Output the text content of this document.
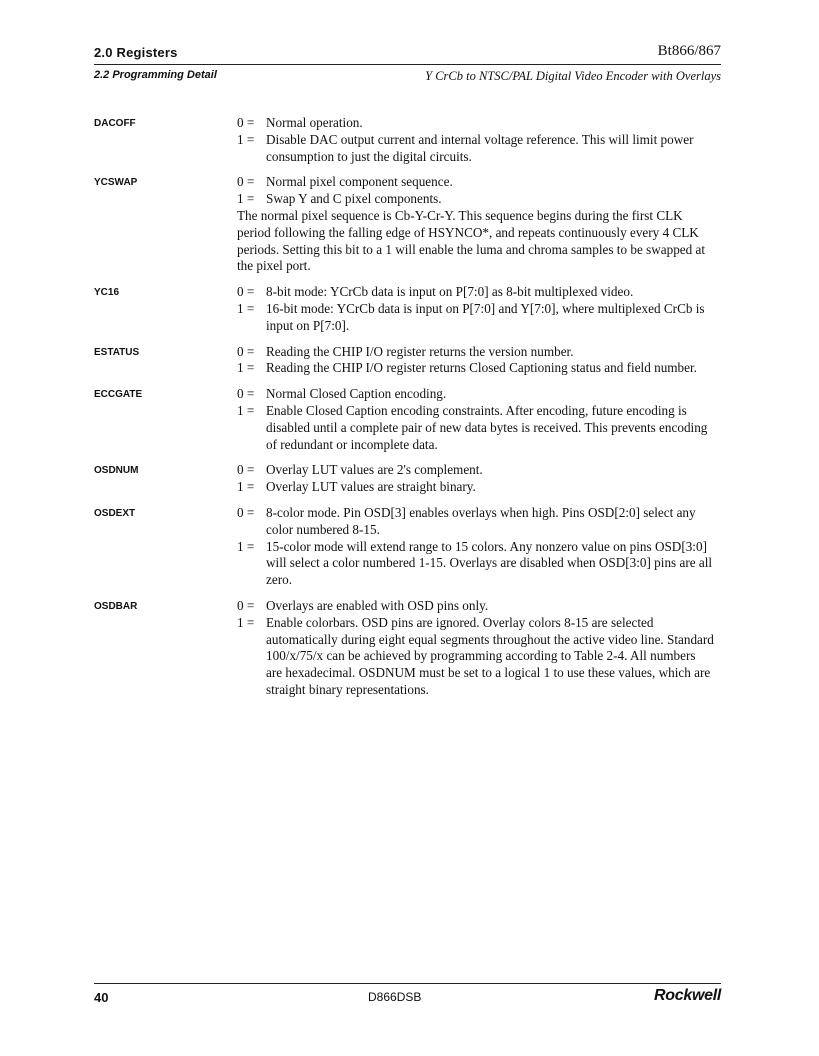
2.0 Registers	Bt866/867
2.2 Programming Detail	Y CrCb to NTSC/PAL Digital Video Encoder with Overlays
DACOFF	0 = Normal operation.
1 = Disable DAC output current and internal voltage reference. This will limit power consumption to just the digital circuits.
YCSWAP	0 = Normal pixel component sequence.
1 = Swap Y and C pixel components.

The normal pixel sequence is Cb-Y-Cr-Y. This sequence begins during the first CLK period following the falling edge of HSYNCO*, and repeats continuously every 4 CLK periods. Setting this bit to a 1 will enable the luma and chroma samples to be swapped at the pixel port.

YC16	0 = 8-bit mode: YCrCb data is input on P[7:0] as 8-bit multiplexed video.
1 = 16-bit mode: YCrCb data is input on P[7:0] and Y[7:0], where multiplexed CrCb is input on P[7:0].
ESTATUS	0 = Reading the CHIP I/O register returns the version number.
1 = Reading the CHIP I/O register returns Closed Captioning status and field number.
ECCGATE	0 = Normal Closed Caption encoding.
1 = Enable Closed Caption encoding constraints. After encoding, future encoding is disabled until a complete pair of new data bytes is received. This prevents encoding of redundant or incomplete data.
OSDNUM	0 = Overlay LUT values are 2's complement.
1 = Overlay LUT values are straight binary.
OSDEXT	0 = 8-color mode. Pin OSD[3] enables overlays when high. Pins OSD[2:0] select any color numbered 8-15.
1 = 15-color mode will extend range to 15 colors. Any nonzero value on pins OSD[3:0] will select a color numbered 1-15. Overlays are disabled when OSD[3:0] pins are all zero.
OSDBAR	0 = Overlays are enabled with OSD pins only.
1 = Enable colorbars. OSD pins are ignored. Overlay colors 8-15 are selected automatically during eight equal segments throughout the active video line. Standard 100/x/75/x can be achieved by programming according to Table 2-4. All numbers are hexadecimal. OSDNUM must be set to a logical 1 to use these values, which are straight binary representations.
40	D866DSB	Rockwell
